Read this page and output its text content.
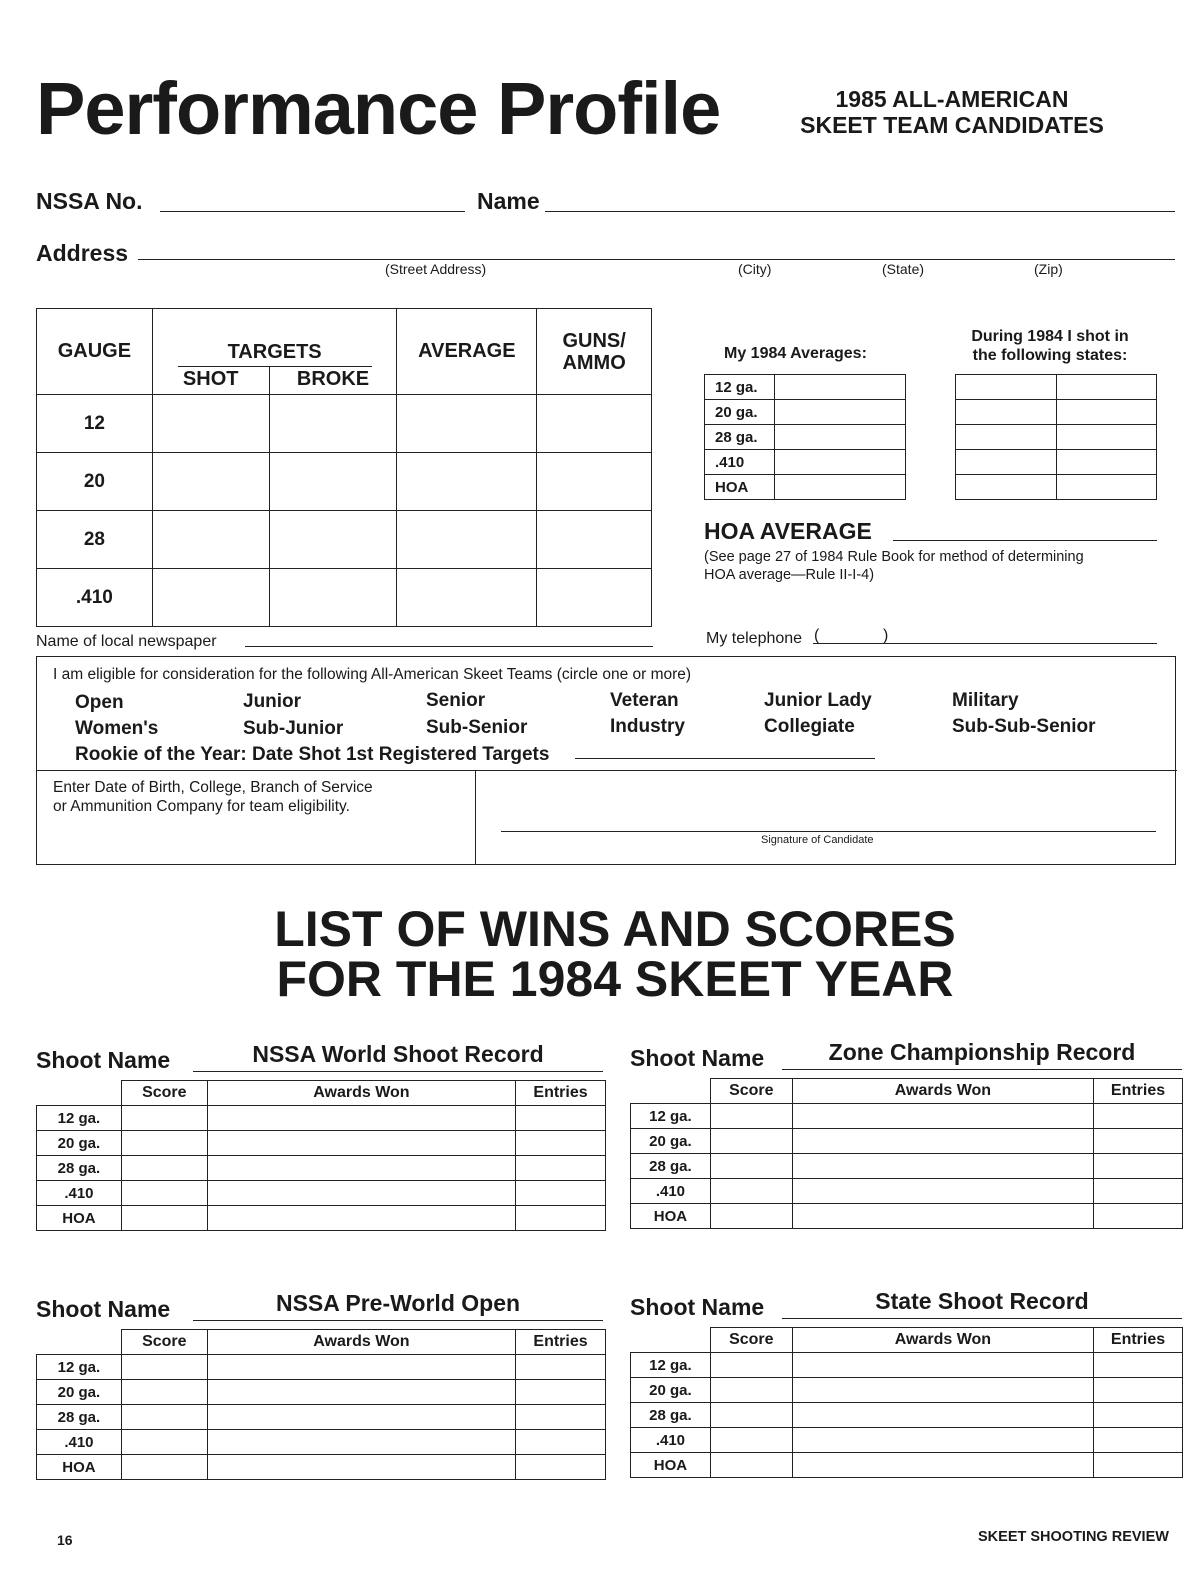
Performance Profile	1985 ALL-AMERICAN
SKEET TEAM CANDIDATES
NSSA No.	Name
Address
(Street Address)	(City)	(State)	(Zip)
GAUGE	TARGETS		AVERAGE	GUNS/
AMMO

	SHOT	BROKE		
12				
20				
28				
.410				
My 1984 Averages:
12 ga.	
20 ga.	
28 ga.	
.410	
HOA	
During 1984 I shot in
the following states:

HOA AVERAGE
(See page 27 of 1984 Rule Book for method of determining
HOA average—Rule II-I-4)
Name of local newspaper	My telephone (	)
I am eligible for consideration for the following All-American Skeet Teams (circle one or more)
Open	Junior	Senior	Veteran	Junior Lady	Military
Women's	Sub-Junior	Sub-Senior	Industry	Collegiate	Sub-Sub-Senior
Rookie of the Year: Date Shot 1st Registered Targets
Enter Date of Birth, College, Branch of Service
or Ammunition Company for team eligibility.
Signature of Candidate
LIST OF WINS AND SCORES
FOR THE 1984 SKEET YEAR
Shoot Name	NSSA World Shoot Record
	Score	Awards Won	Entries
12 ga.			
20 ga.			
28 ga.			
.410			
HOA			
Shoot Name	Zone Championship Record
	Score	Awards Won	Entries
12 ga.			
20 ga.			
28 ga.			
.410			
HOA			
Shoot Name	NSSA Pre-World Open
	Score	Awards Won	Entries
12 ga.			
20 ga.			
28 ga.			
.410			
HOA			
Shoot Name	State Shoot Record
	Score	Awards Won	Entries
12 ga.			
20 ga.			
28 ga.			
.410			
HOA			
16	SKEET SHOOTING REVIEW
